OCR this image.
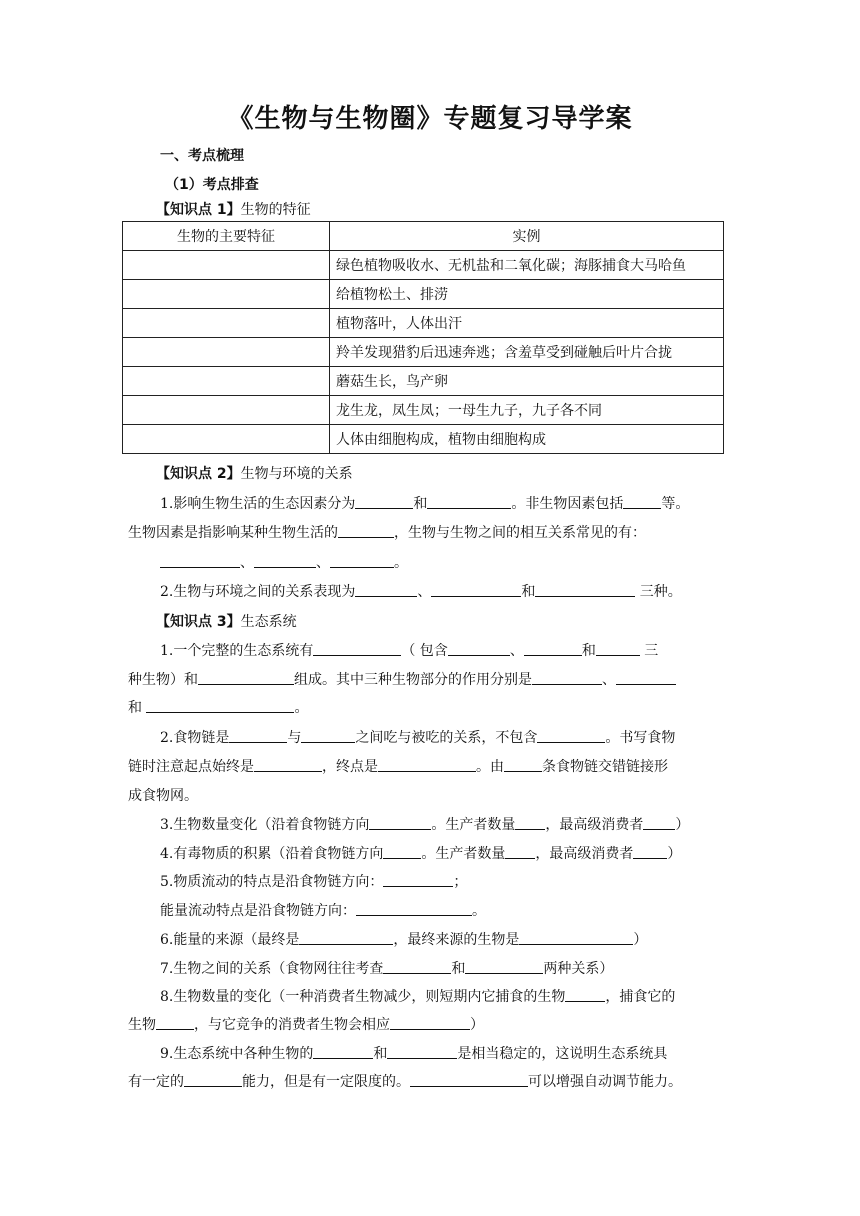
《生物与生物圈》专题复习导学案
一、考点梳理
（1）考点排查
【知识点 1】生物的特征
生物的主要特征	实例
	绿色植物吸收水、无机盐和二氧化碳；海豚捕食大马哈鱼
	给植物松土、排涝
	植物落叶，人体出汗
	羚羊发现猎豹后迅速奔逃；含羞草受到碰触后叶片合拢
	蘑菇生长，鸟产卵
	龙生龙，凤生凤；一母生九子，九子各不同
	人体由细胞构成，植物由细胞构成
【知识点 2】生物与环境的关系
1.影响生物生活的生态因素分为	和	。非生物因素包括	等。
生物因素是指影响某种生物生活的	，生物与生物之间的相互关系常见的有：
、	、	。
2.生物与环境之间的关系表现为	、	和	三种。
【知识点 3】生态系统
1.一个完整的生态系统有	（ 包含	、	和	三
种生物）和	组成。其中三种生物部分的作用分别是	、
和	。
2.食物链是	与	之间吃与被吃的关系，不包含	。书写食物
链时注意起点始终是	，终点是	。由	条食物链交错链接形
成食物网。
3.生物数量变化（沿着食物链方向	。生产者数量 ，最高级消费者 ）
4.有毒物质的积累（沿着食物链方向	。生产者数量 ，最高级消费者 ）
5.物质流动的特点是沿食物链方向：	；
能量流动特点是沿食物链方向：	。
6.能量的来源（最终是	，最终来源的生物是	）
7.生物之间的关系（食物网往往考查	和	两种关系）
8.生物数量的变化（一种消费者生物减少，则短期内它捕食的生物	，捕食它的
生物	，与它竞争的消费者生物会相应	）
9.生态系统中各种生物的	和	是相当稳定的，这说明生态系统具
有一定的	能力，但是有一定限度的。	可以增强自动调节能力。
